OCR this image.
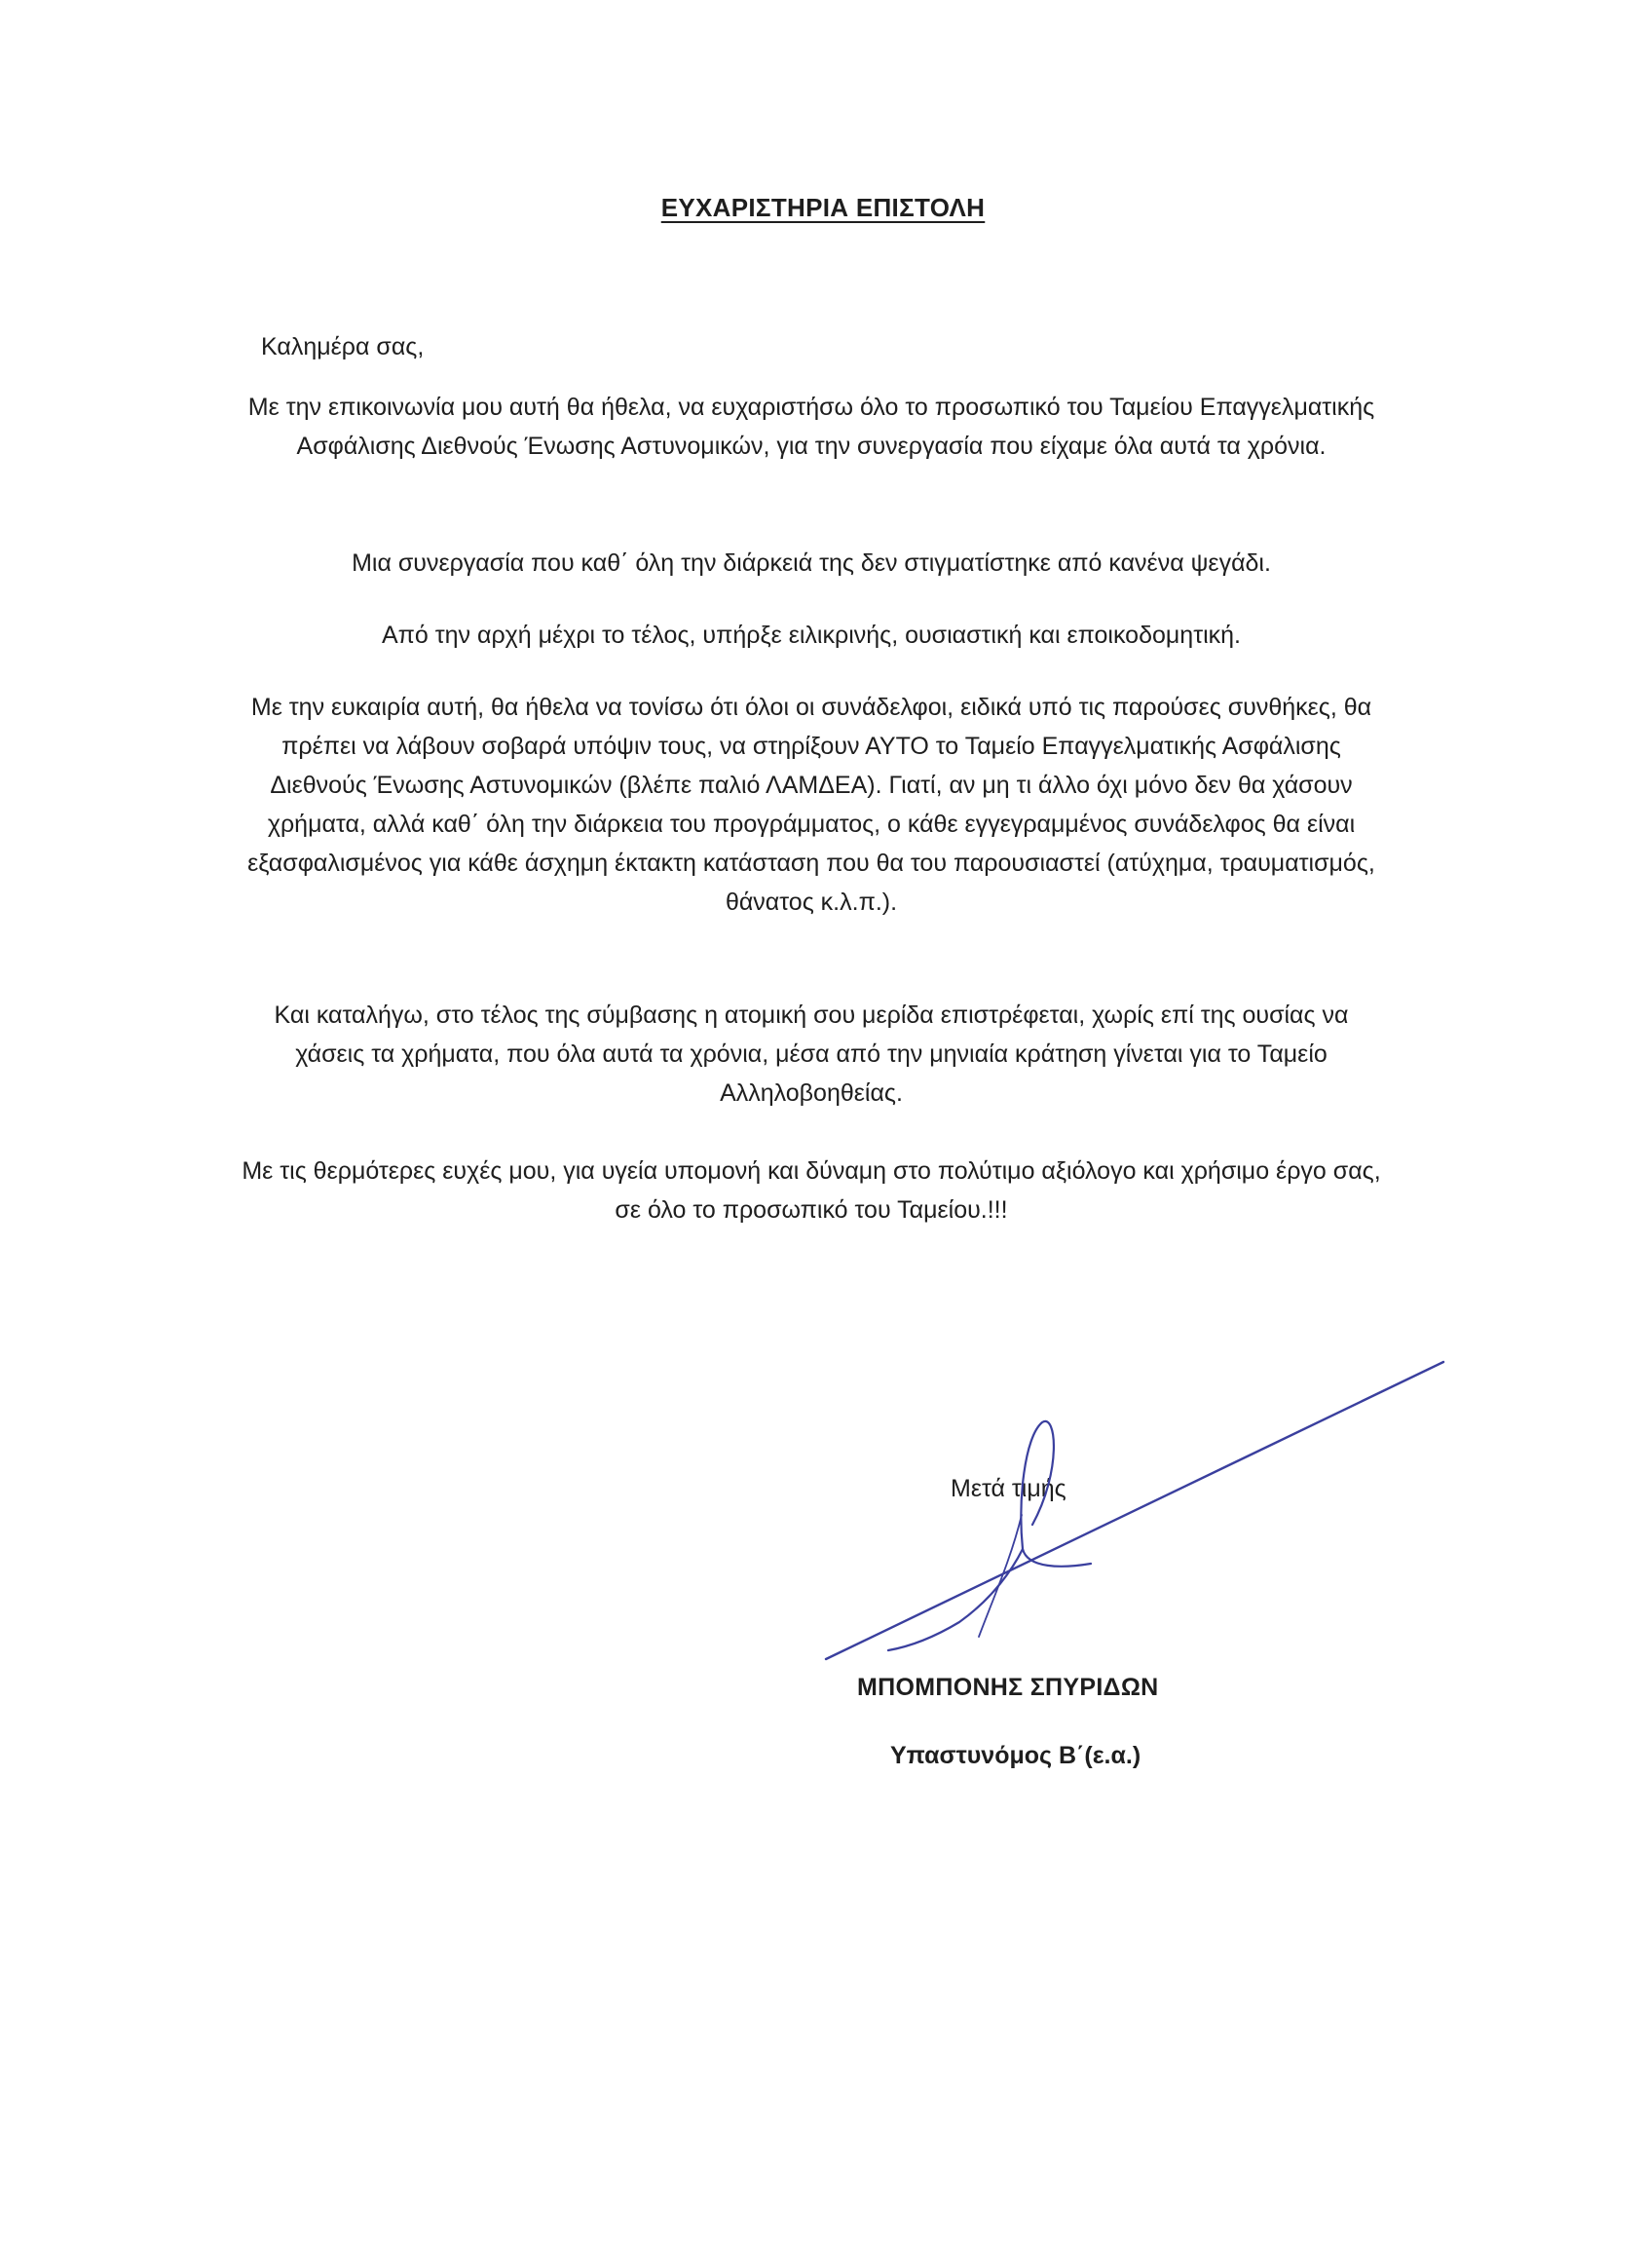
ΕΥΧΑΡΙΣΤΗΡΙΑ ΕΠΙΣΤΟΛΗ
Καλημέρα σας,

Με την επικοινωνία μου αυτή θα ήθελα, να ευχαριστήσω όλο το προσωπικό του Ταμείου Επαγγελματικής Ασφάλισης Διεθνούς Ένωσης Αστυνομικών, για την συνεργασία που είχαμε όλα αυτά τα χρόνια.

Μια συνεργασία που καθ΄ όλη την διάρκειά της δεν στιγματίστηκε από κανένα ψεγάδι.

Από την αρχή μέχρι το τέλος, υπήρξε ειλικρινής, ουσιαστική και εποικοδομητική.

Με την ευκαιρία αυτή, θα ήθελα να τονίσω ότι όλοι οι συνάδελφοι, ειδικά υπό τις παρούσες συνθήκες, θα πρέπει να λάβουν σοβαρά υπόψιν τους, να στηρίξουν ΑΥΤΟ το Ταμείο Επαγγελματικής Ασφάλισης Διεθνούς Ένωσης Αστυνομικών (βλέπε παλιό ΛΑΜΔΕΑ). Γιατί, αν μη τι άλλο όχι μόνο δεν θα χάσουν χρήματα, αλλά καθ΄ όλη την διάρκεια του προγράμματος, ο κάθε εγγεγραμμένος συνάδελφος θα είναι εξασφαλισμένος για κάθε άσχημη έκτακτη κατάσταση που θα του παρουσιαστεί (ατύχημα, τραυματισμός, θάνατος κ.λ.π.).

Και καταλήγω, στο τέλος της σύμβασης η ατομική σου μερίδα επιστρέφεται, χωρίς επί της ουσίας να χάσεις τα χρήματα, που όλα αυτά τα χρόνια, μέσα από την μηνιαία κράτηση γίνεται για το Ταμείο Αλληλοβοηθείας.

Με τις θερμότερες ευχές μου, για υγεία υπομονή και δύναμη στο πολύτιμο αξιόλογο και χρήσιμο έργο σας, σε όλο το προσωπικό του Ταμείου.!!!

Μετά τιμής
ΜΠΟΜΠΟΝΗΣ ΣΠΥΡΙΔΩΝ
Υπαστυνόμος Β΄(ε.α.)
